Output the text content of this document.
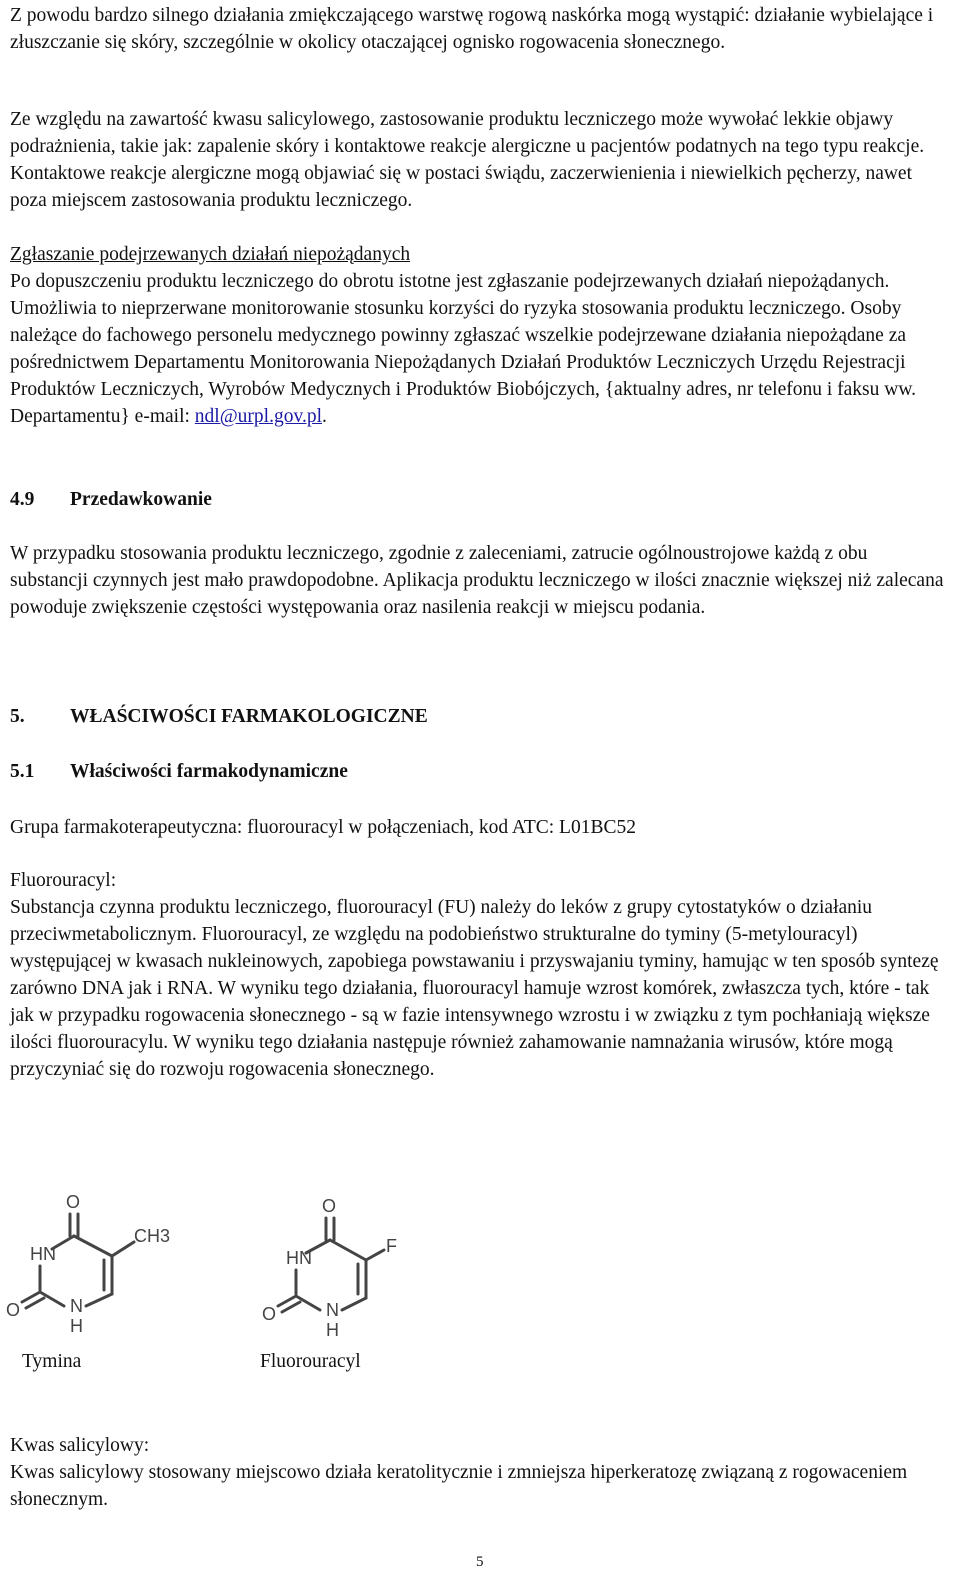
Z powodu bardzo silnego działania zmiękczającego warstwę rogową naskórka mogą wystąpić: działanie wybielające i złuszczanie się skóry, szczególnie w okolicy otaczającej ognisko rogowacenia słonecznego.

Ze względu na zawartość kwasu salicylowego, zastosowanie produktu leczniczego może wywołać lekkie objawy podrażnienia, takie jak: zapalenie skóry i kontaktowe reakcje alergiczne u pacjentów podatnych na tego typu reakcje. Kontaktowe reakcje alergiczne mogą objawiać się w postaci świądu, zaczerwienienia i niewielkich pęcherzy, nawet poza miejscem zastosowania produktu leczniczego.

Zgłaszanie podejrzewanych działań niepożądanych

Po dopuszczeniu produktu leczniczego do obrotu istotne jest zgłaszanie podejrzewanych działań niepożądanych. Umożliwia to nieprzerwane monitorowanie stosunku korzyści do ryzyka stosowania produktu leczniczego. Osoby należące do fachowego personelu medycznego powinny zgłaszać wszelkie podejrzewane działania niepożądane za pośrednictwem Departamentu Monitorowania Niepożądanych Działań Produktów Leczniczych Urzędu Rejestracji Produktów Leczniczych, Wyrobów Medycznych i Produktów Biobójczych, {aktualny adres, nr telefonu i faksu ww. Departamentu} e-mail: ndl@urpl.gov.pl.

4.9 Przedawkowanie

W przypadku stosowania produktu leczniczego, zgodnie z zaleceniami, zatrucie ogólnoustrojowe każdą z obu substancji czynnych jest mało prawdopodobne. Aplikacja produktu leczniczego w ilości znacznie większej niż zalecana powoduje zwiększenie częstości występowania oraz nasilenia reakcji w miejscu podania.

5. WŁAŚCIWOŚCI FARMAKOLOGICZNE
5.1 Właściwości farmakodynamiczne

Grupa farmakoterapeutyczna: fluorouracyl w połączeniach, kod ATC: L01BC52

Fluorouracyl:

Substancja czynna produktu leczniczego, fluorouracyl (FU) należy do leków z grupy cytostatyków o działaniu przeciwmetabolicznym. Fluorouracyl, ze względu na podobieństwo strukturalne do tyminy (5-metylouracyl) występującej w kwasach nukleinowych, zapobiega powstawaniu i przyswajaniu tyminy, hamując w ten sposób syntezę zarówno DNA jak i RNA. W wyniku tego działania, fluorouracyl hamuje wzrost komórek, zwłaszcza tych, które - tak jak w przypadku rogowacenia słonecznego - są w fazie intensywnego wzrostu i w związku z tym pochłaniają większe ilości fluorouracylu. W wyniku tego działania następuje również zahamowanie namnażania wirusów, które mogą przyczyniać się do rozwoju rogowacenia słonecznego.

O
HN
CH3
O	N
H
O
HN
F
O	N
H

Tymina	Fluorouracyl

Kwas salicylowy:

Kwas salicylowy stosowany miejscowo działa keratolitycznie i zmniejsza hiperkeratozę związaną z rogowaceniem słonecznym.

5
